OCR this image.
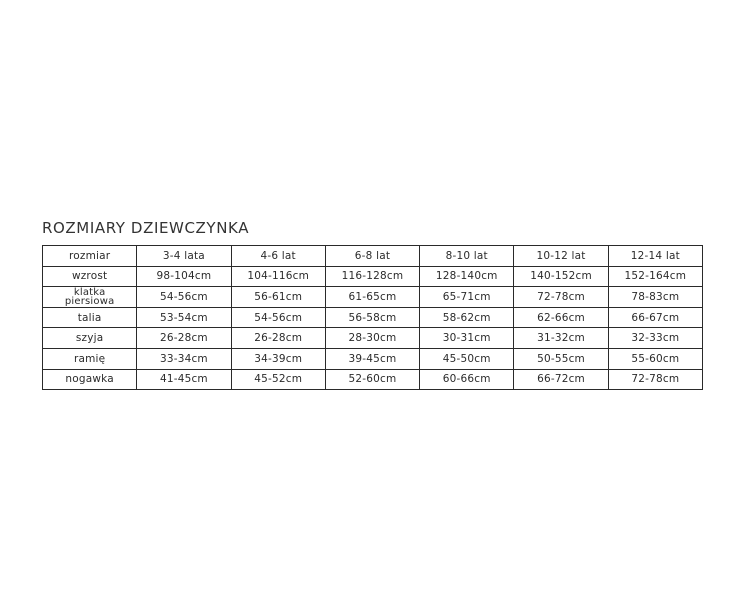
ROZMIARY DZIEWCZYNKA
rozmiar	3-4 lata	4-6 lat	6-8 lat	8-10 lat	10-12 lat	12-14 lat
wzrost	98-104cm	104-116cm	116-128cm	128-140cm	140-152cm	152-164cm

klatka
piersiowa	54-56cm	56-61cm	61-65cm	65-71cm	72-78cm	78-83cm
talia	53-54cm	54-56cm	56-58cm	58-62cm	62-66cm	66-67cm
szyja	26-28cm	26-28cm	28-30cm	30-31cm	31-32cm	32-33cm
ramię	33-34cm	34-39cm	39-45cm	45-50cm	50-55cm	55-60cm
nogawka	41-45cm	45-52cm	52-60cm	60-66cm	66-72cm	72-78cm
